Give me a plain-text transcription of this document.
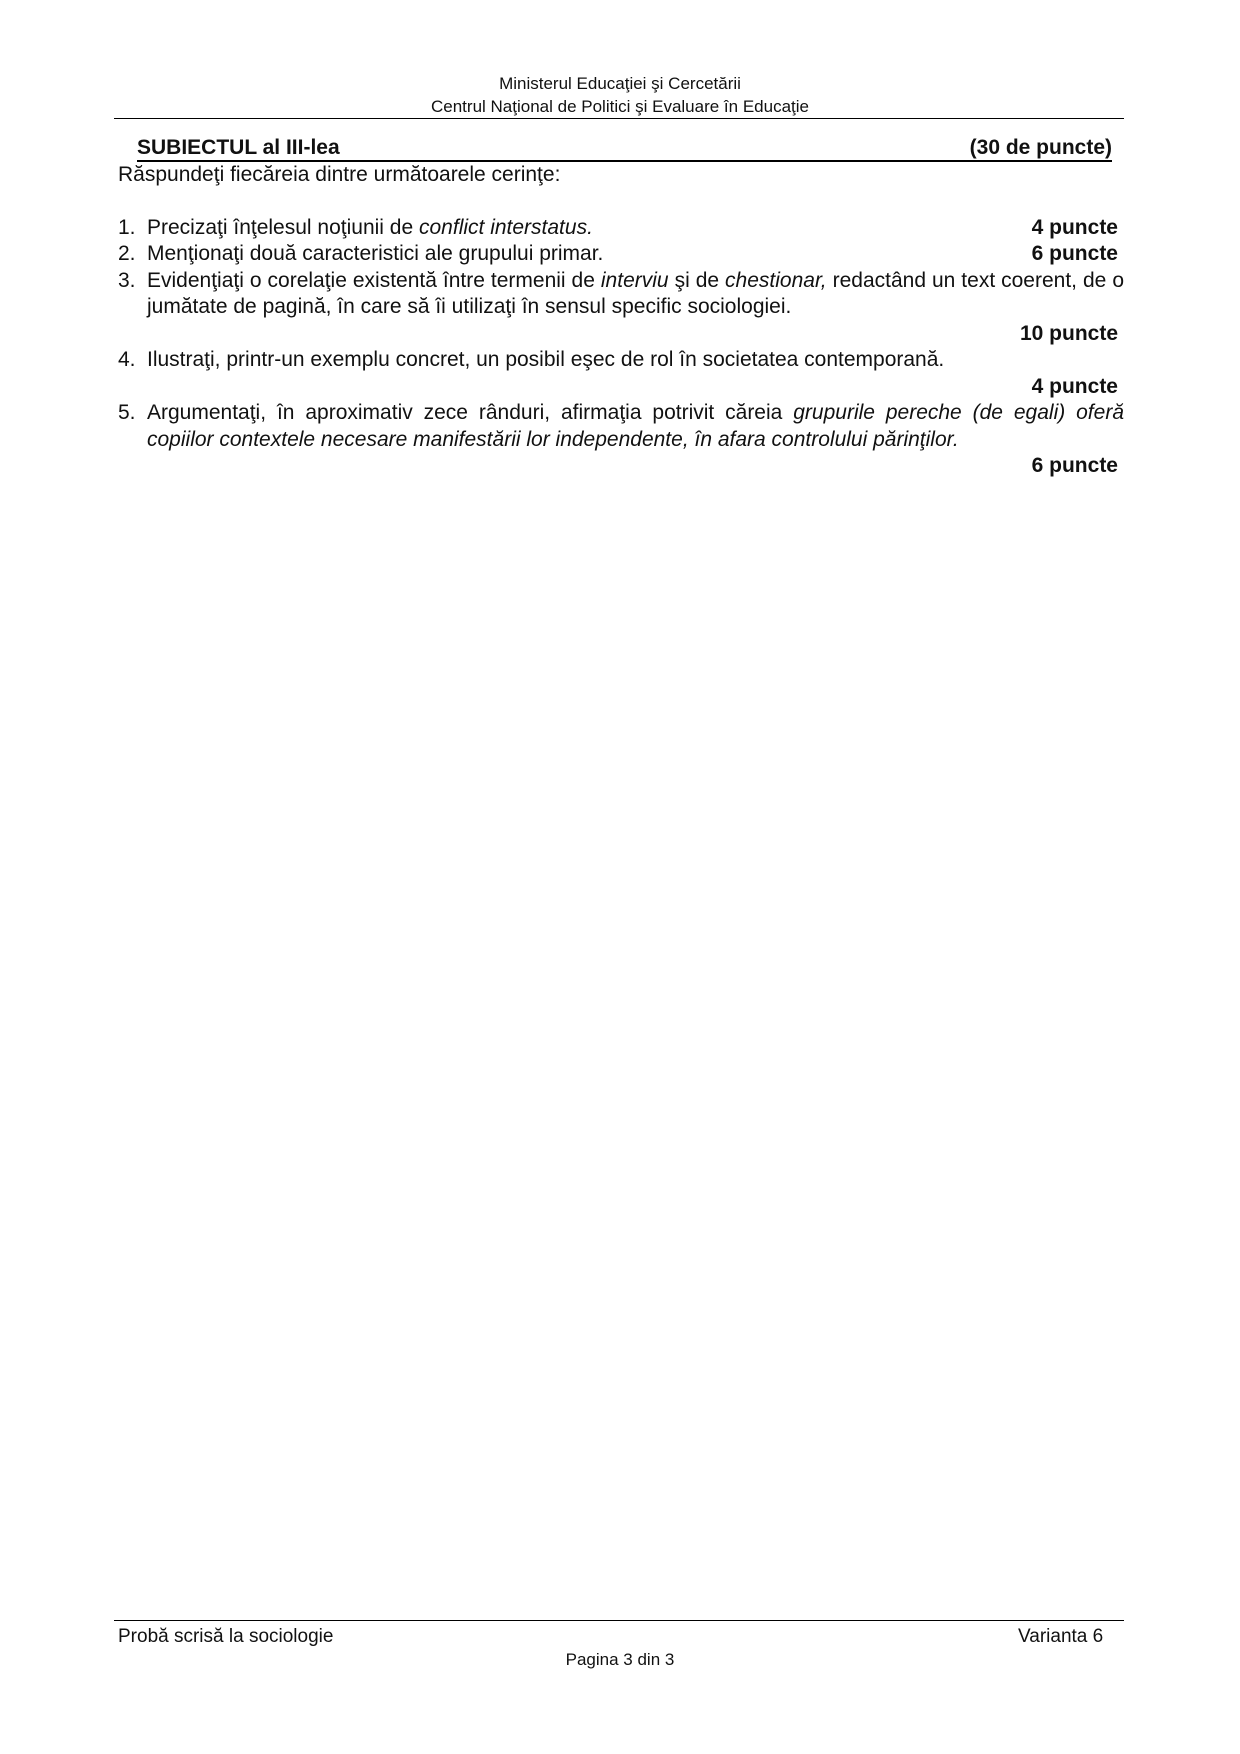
Ministerul Educaţiei şi Cercetării
Centrul Naţional de Politici şi Evaluare în Educaţie
SUBIECTUL al III-lea	(30 de puncte)
Răspundeţi fiecăreia dintre următoarele cerinţe:
1. Precizaţi înţelesul noţiunii de conflict interstatus.	4 puncte
2. Menţionaţi două caracteristici ale grupului primar.	6 puncte
3. Evidenţiaţi o corelaţie existentă între termenii de interviu şi de chestionar, redactând un text coerent, de o jumătate de pagină, în care să îi utilizaţi în sensul specific sociologiei.
10 puncte
4. Ilustraţi, printr-un exemplu concret, un posibil eşec de rol în societatea contemporană.
4 puncte
5. Argumentaţi, în aproximativ zece rânduri, afirmaţia potrivit căreia grupurile pereche (de egali) oferă copiilor contextele necesare manifestării lor independente, în afara controlului părinţilor.
6 puncte
Probă scrisă la sociologie	Varianta 6
Pagina 3 din 3
